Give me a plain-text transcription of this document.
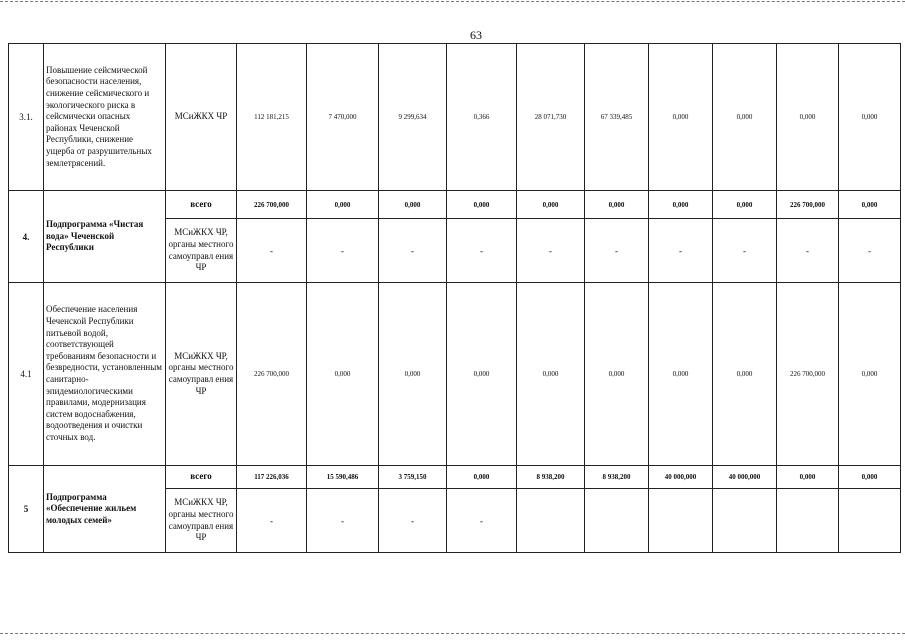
63
3.1.	Повышение сейсмической безопасности населения, снижение сейсмического и экологического риска в сейсмически опасных районах Чеченской Республики, снижение ущерба от разрушительных землетрясений.	МСиЖКХ ЧР	112 181,215	7 470,000	9 299,634	0,366	28 071,730	67 339,485	0,000	0,000	0,000	0,000
4.	Подпрограмма «Чистая вода» Чеченской Республики	всего	226 700,000	0,000	0,000	0,000	0,000	0,000	0,000	0,000	226 700,000	0,000
		МСиЖКХ ЧР, органы местного самоуправл ения ЧР	-	-	-	-	-	-	-	-	-	-
4.1	Обеспечение населения Чеченской Республики питьевой водой, соответствующей требованиям безопасности и безвредности, установленным санитарно-эпидемиологическими правилами, модернизация систем водоснабжения, водоотведения и очистки сточных вод.	МСиЖКХ ЧР, органы местного самоуправл ения ЧР	226 700,000	0,000	0,000	0,000	0,000	0,000	0,000	0,000	226 700,000	0,000
5	Подпрограмма «Обеспечение жильем молодых семей»	всего	117 226,036	15 590,486	3 759,150	0,000	8 938,200	8 938,200	40 000,000	40 000,000	0,000	0,000
		МСиЖКХ ЧР, органы местного самоуправл ения ЧР	-	-	-	-						
